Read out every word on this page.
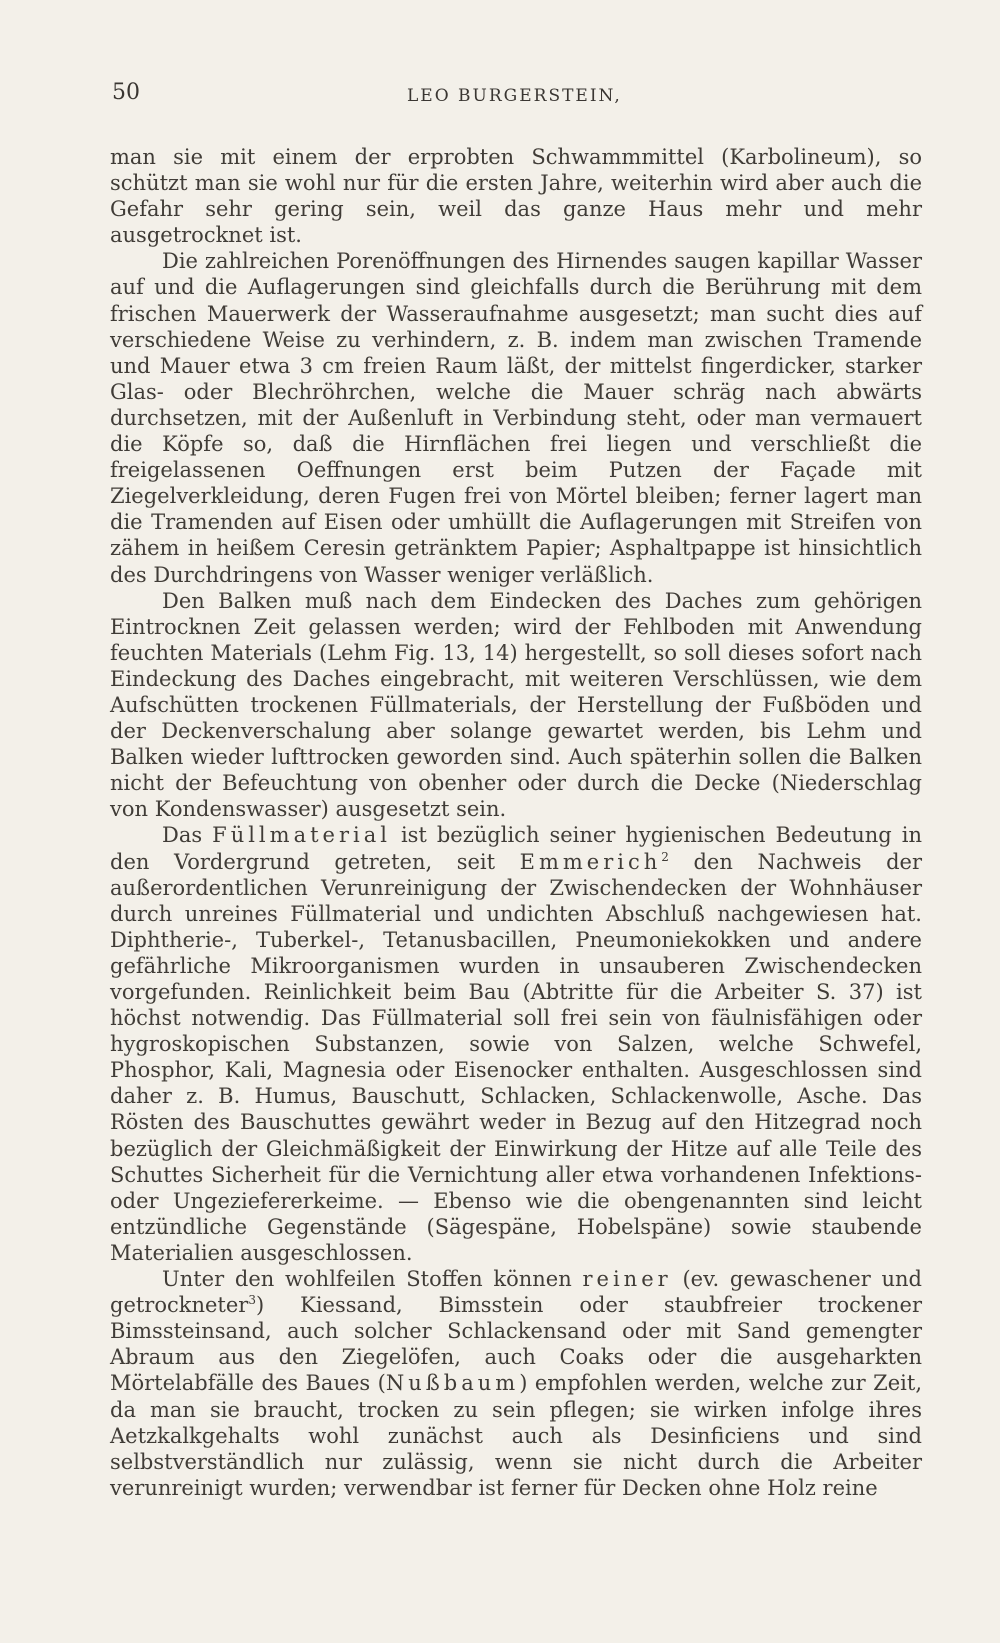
50	LEO BURGERSTEIN,

man sie mit einem der erprobten Schwammmittel (Karbolineum), so schützt man sie wohl nur für die ersten Jahre, weiterhin wird aber auch die Gefahr sehr gering sein, weil das ganze Haus mehr und mehr ausgetrocknet ist.

Die zahlreichen Porenöffnungen des Hirnendes saugen kapillar Wasser auf und die Auflagerungen sind gleichfalls durch die Berührung mit dem frischen Mauerwerk der Wasseraufnahme ausgesetzt; man sucht dies auf verschiedene Weise zu verhindern, z. B. indem man zwischen Tramende und Mauer etwa 3 cm freien Raum läßt, der mittelst fingerdicker, starker Glas- oder Blechröhrchen, welche die Mauer schräg nach abwärts durchsetzen, mit der Außenluft in Verbindung steht, oder man vermauert die Köpfe so, daß die Hirnflächen frei liegen und verschließt die freigelassenen Oeffnungen erst beim Putzen der Façade mit Ziegelverkleidung, deren Fugen frei von Mörtel bleiben; ferner lagert man die Tramenden auf Eisen oder umhüllt die Auflagerungen mit Streifen von zähem in heißem Ceresin getränktem Papier; Asphaltpappe ist hinsichtlich des Durchdringens von Wasser weniger verläßlich.

Den Balken muß nach dem Eindecken des Daches zum gehörigen Eintrocknen Zeit gelassen werden; wird der Fehlboden mit Anwendung feuchten Materials (Lehm Fig. 13, 14) hergestellt, so soll dieses sofort nach Eindeckung des Daches eingebracht, mit weiteren Verschlüssen, wie dem Aufschütten trockenen Füllmaterials, der Herstellung der Fußböden und der Deckenverschalung aber solange gewartet werden, bis Lehm und Balken wieder lufttrocken geworden sind. Auch späterhin sollen die Balken nicht der Befeuchtung von obenher oder durch die Decke (Niederschlag von Kondenswasser) ausgesetzt sein.

Das Füllmaterial ist bezüglich seiner hygienischen Bedeutung in den Vordergrund getreten, seit Emmerich$^2$ den Nachweis der außerordentlichen Verunreinigung der Zwischendecken der Wohnhäuser durch unreines Füllmaterial und undichten Abschluß nachgewiesen hat. Diphtherie-, Tuberkel-, Tetanusbacillen, Pneumoniekokken und andere gefährliche Mikroorganismen wurden in unsauberen Zwischendecken vorgefunden. Reinlichkeit beim Bau (Abtritte für die Arbeiter S. 37) ist höchst notwendig. Das Füllmaterial soll frei sein von fäulnisfähigen oder hygroskopischen Substanzen, sowie von Salzen, welche Schwefel, Phosphor, Kali, Magnesia oder Eisenocker enthalten. Ausgeschlossen sind daher z. B. Humus, Bauschutt, Schlacken, Schlackenwolle, Asche. Das Rösten des Bauschuttes gewährt weder in Bezug auf den Hitzegrad noch bezüglich der Gleichmäßigkeit der Einwirkung der Hitze auf alle Teile des Schuttes Sicherheit für die Vernichtung aller etwa vorhandenen Infektions- oder Ungeziefererkeime. — Ebenso wie die obengenannten sind leicht entzündliche Gegenstände (Sägespäne, Hobelspäne) sowie staubende Materialien ausgeschlossen.

Unter den wohlfeilen Stoffen können reiner (ev. gewaschener und getrockneter$^3$) Kiessand, Bimsstein oder staubfreier trockener Bimssteinsand, auch solcher Schlackensand oder mit Sand gemengter Abraum aus den Ziegelöfen, auch Coaks oder die ausgeharkten Mörtelabfälle des Baues (Nußbaum) empfohlen werden, welche zur Zeit, da man sie braucht, trocken zu sein pflegen; sie wirken infolge ihres Aetzkalkgehalts wohl zunächst auch als Desinficiens und sind selbstverständlich nur zulässig, wenn sie nicht durch die Arbeiter verunreinigt wurden; verwendbar ist ferner für Decken ohne Holz reine
